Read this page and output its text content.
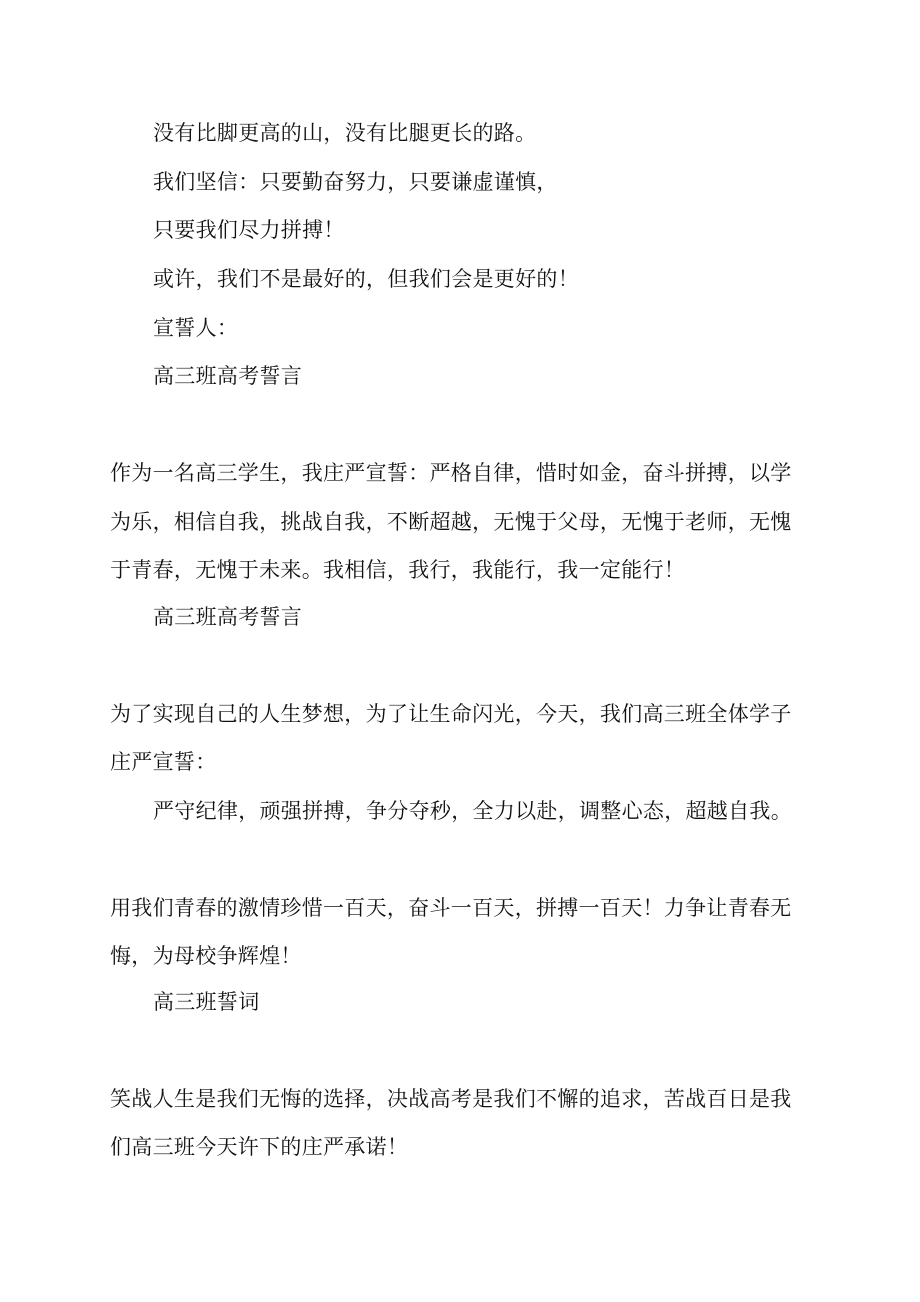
没有比脚更高的山，没有比腿更长的路。
我们坚信：只要勤奋努力，只要谦虚谨慎，
只要我们尽力拼搏！
或许，我们不是最好的，但我们会是更好的！
宣誓人：
高三班高考誓言
作为一名高三学生，我庄严宣誓：严格自律，惜时如金，奋斗拼搏，以学
为乐，相信自我，挑战自我，不断超越，无愧于父母，无愧于老师，无愧
于青春，无愧于未来。我相信，我行，我能行，我一定能行！
高三班高考誓言
为了实现自己的人生梦想，为了让生命闪光，今天，我们高三班全体学子
庄严宣誓：
严守纪律，顽强拼搏，争分夺秒，全力以赴，调整心态，超越自我。
用我们青春的激情珍惜一百天，奋斗一百天，拼搏一百天！力争让青春无
悔，为母校争辉煌！
高三班誓词
笑战人生是我们无悔的选择，决战高考是我们不懈的追求，苦战百日是我
们高三班今天许下的庄严承诺！
